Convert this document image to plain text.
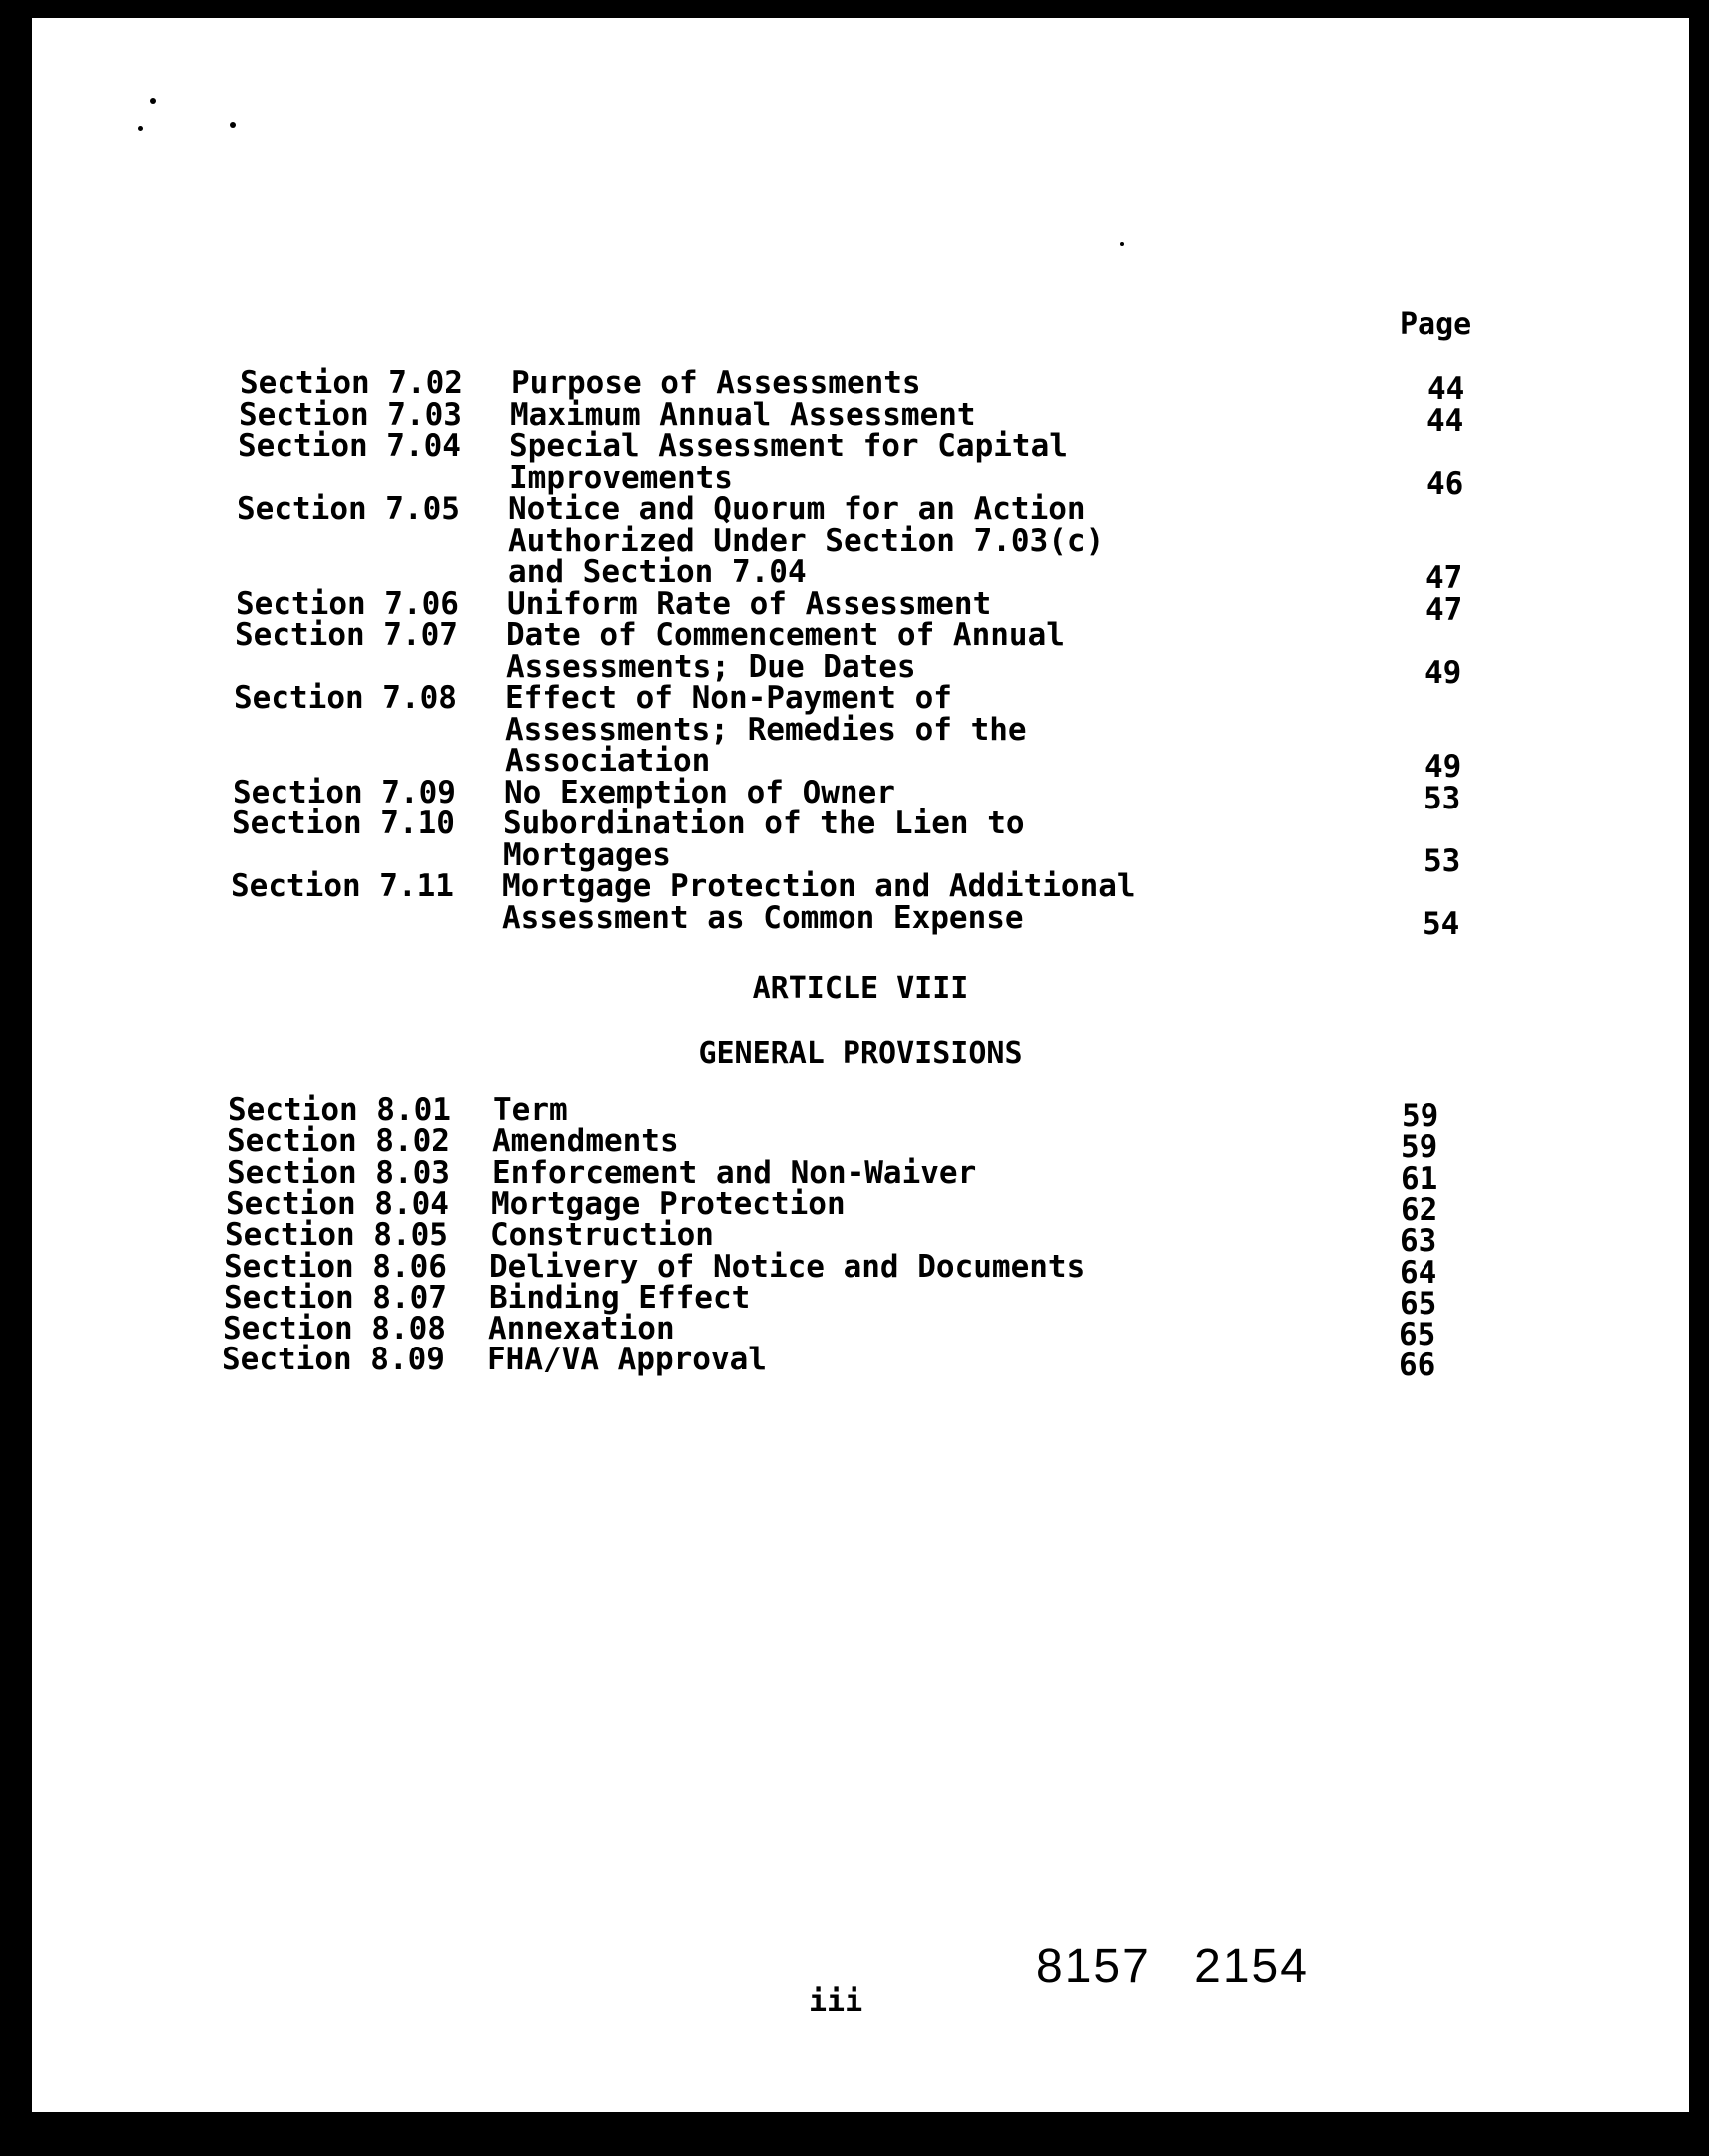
Page
Section 7.02 Purpose of Assessments	44
Section 7.03 Maximum Annual Assessment	44
Section 7.04 Special Assessment for Capital
Improvements	46
Section 7.05 Notice and Quorum for an Action
Authorized Under Section 7.03(c)
and Section 7.04	47
Section 7.06 Uniform Rate of Assessment	47
Section 7.07 Date of Commencement of Annual
Assessments; Due Dates	49
Section 7.08 Effect of Non-Payment of
Assessments; Remedies of the
Association	49
Section 7.09 No Exemption of Owner	53
Section 7.10 Subordination of the Lien to
Mortgages	53
Section 7.11 Mortgage Protection and Additional
Assessment as Common Expense	54
ARTICLE VIII
GENERAL PROVISIONS
Section 8.01 Term	59
Section 8.02 Amendments	59
Section 8.03 Enforcement and Non-Waiver	61
Section 8.04 Mortgage Protection	62
Section 8.05 Construction	63
Section 8.06 Delivery of Notice and Documents	64
Section 8.07 Binding Effect	65
Section 8.08 Annexation	65
Section 8.09 FHA/VA Approval	66
iii
8157 2154
